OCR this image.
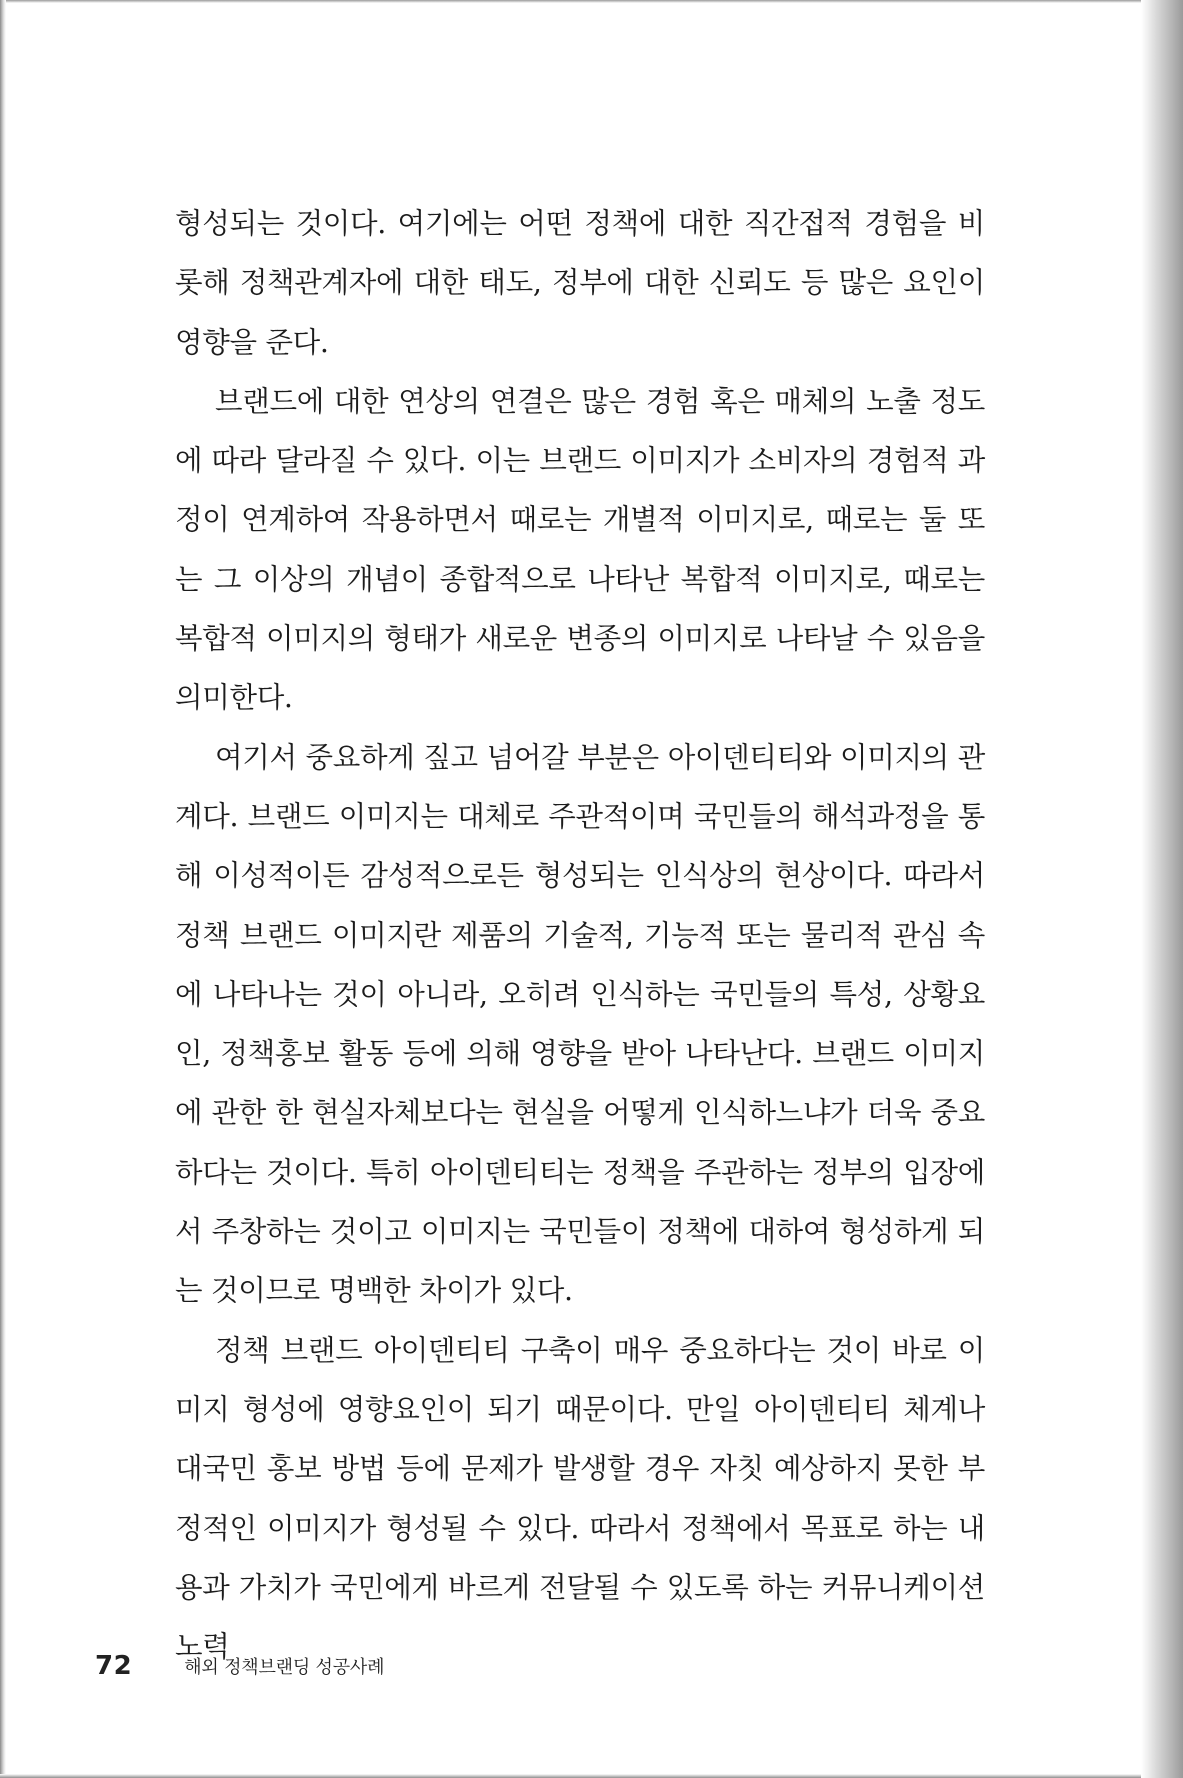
형성되는 것이다. 여기에는 어떤 정책에 대한 직간접적 경험을 비롯해 정책관계자에 대한 태도, 정부에 대한 신뢰도 등 많은 요인이 영향을 준다.

브랜드에 대한 연상의 연결은 많은 경험 혹은 매체의 노출 정도에 따라 달라질 수 있다. 이는 브랜드 이미지가 소비자의 경험적 과정이 연계하여 작용하면서 때로는 개별적 이미지로, 때로는 둘 또는 그 이상의 개념이 종합적으로 나타난 복합적 이미지로, 때로는 복합적 이미지의 형태가 새로운 변종의 이미지로 나타날 수 있음을 의미한다.

여기서 중요하게 짚고 넘어갈 부분은 아이덴티티와 이미지의 관계다. 브랜드 이미지는 대체로 주관적이며 국민들의 해석과정을 통해 이성적이든 감성적으로든 형성되는 인식상의 현상이다. 따라서 정책 브랜드 이미지란 제품의 기술적, 기능적 또는 물리적 관심 속에 나타나는 것이 아니라, 오히려 인식하는 국민들의 특성, 상황요인, 정책홍보 활동 등에 의해 영향을 받아 나타난다. 브랜드 이미지에 관한 한 현실자체보다는 현실을 어떻게 인식하느냐가 더욱 중요하다는 것이다. 특히 아이덴티티는 정책을 주관하는 정부의 입장에서 주창하는 것이고 이미지는 국민들이 정책에 대하여 형성하게 되는 것이므로 명백한 차이가 있다.

정책 브랜드 아이덴티티 구축이 매우 중요하다는 것이 바로 이미지 형성에 영향요인이 되기 때문이다. 만일 아이덴티티 체계나 대국민 홍보 방법 등에 문제가 발생할 경우 자칫 예상하지 못한 부정적인 이미지가 형성될 수 있다. 따라서 정책에서 목표로 하는 내용과 가치가 국민에게 바르게 전달될 수 있도록 하는 커뮤니케이션 노력

72	해외 정책브랜딩 성공사례
